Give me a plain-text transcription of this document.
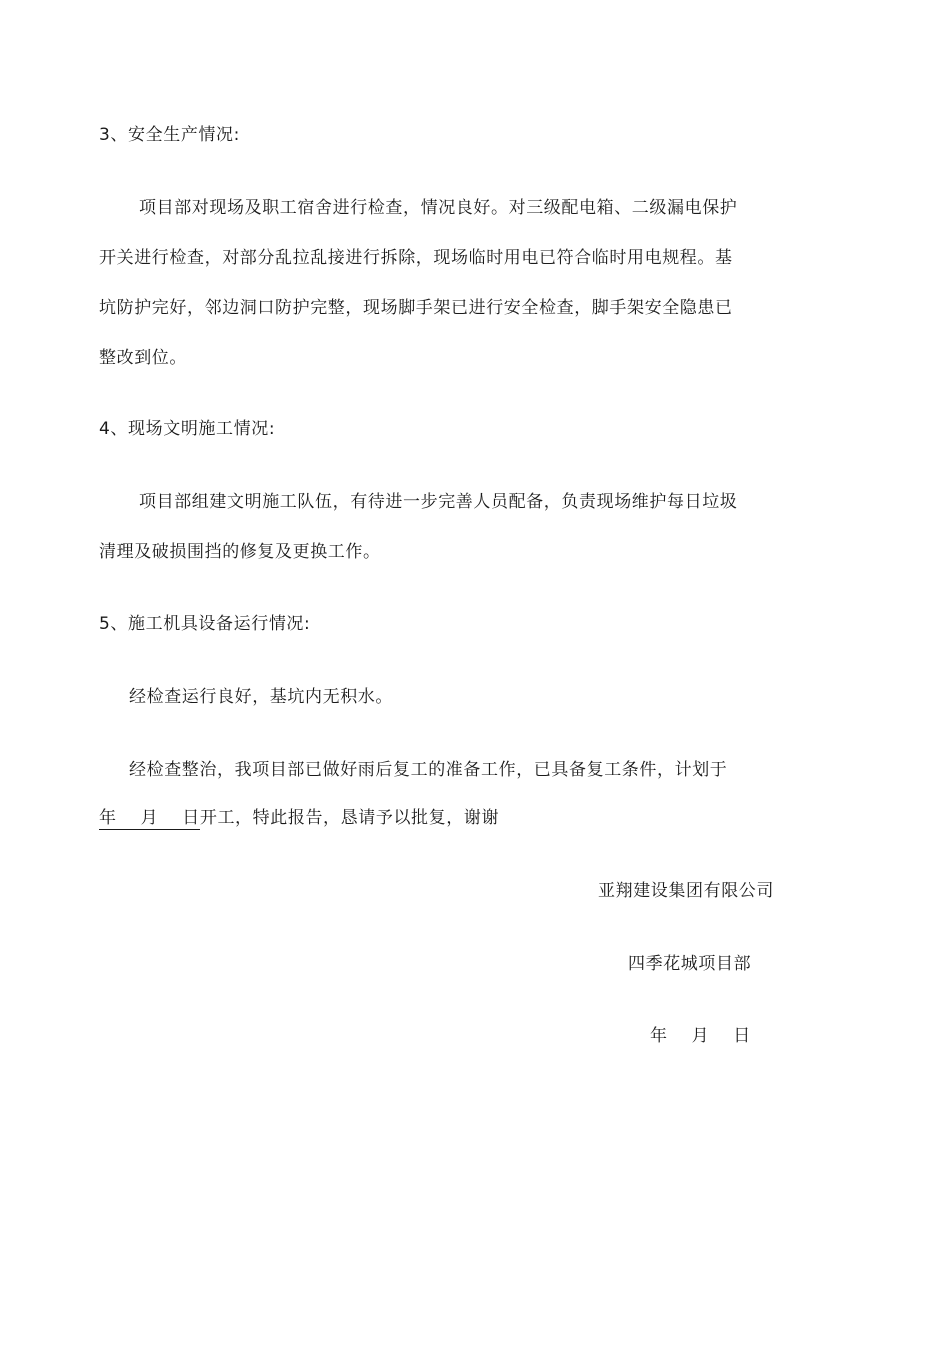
3、安全生产情况:
项目部对现场及职工宿舍进行检查，情况良好。对三级配电箱、二级漏电保护
开关进行检查，对部分乱拉乱接进行拆除，现场临时用电已符合临时用电规程。基
坑防护完好，邻边洞口防护完整，现场脚手架已进行安全检查，脚手架安全隐患已
整改到位。
4、现场文明施工情况:
项目部组建文明施工队伍，有待进一步完善人员配备，负责现场维护每日垃圾
清理及破损围挡的修复及更换工作。
5、施工机具设备运行情况:
经检查运行良好，基坑内无积水。
经检查整治，我项目部已做好雨后复工的准备工作，已具备复工条件，计划于
年    月    日开工，特此报告，恳请予以批复，谢谢
亚翔建设集团有限公司
四季花城项目部
年    月    日
